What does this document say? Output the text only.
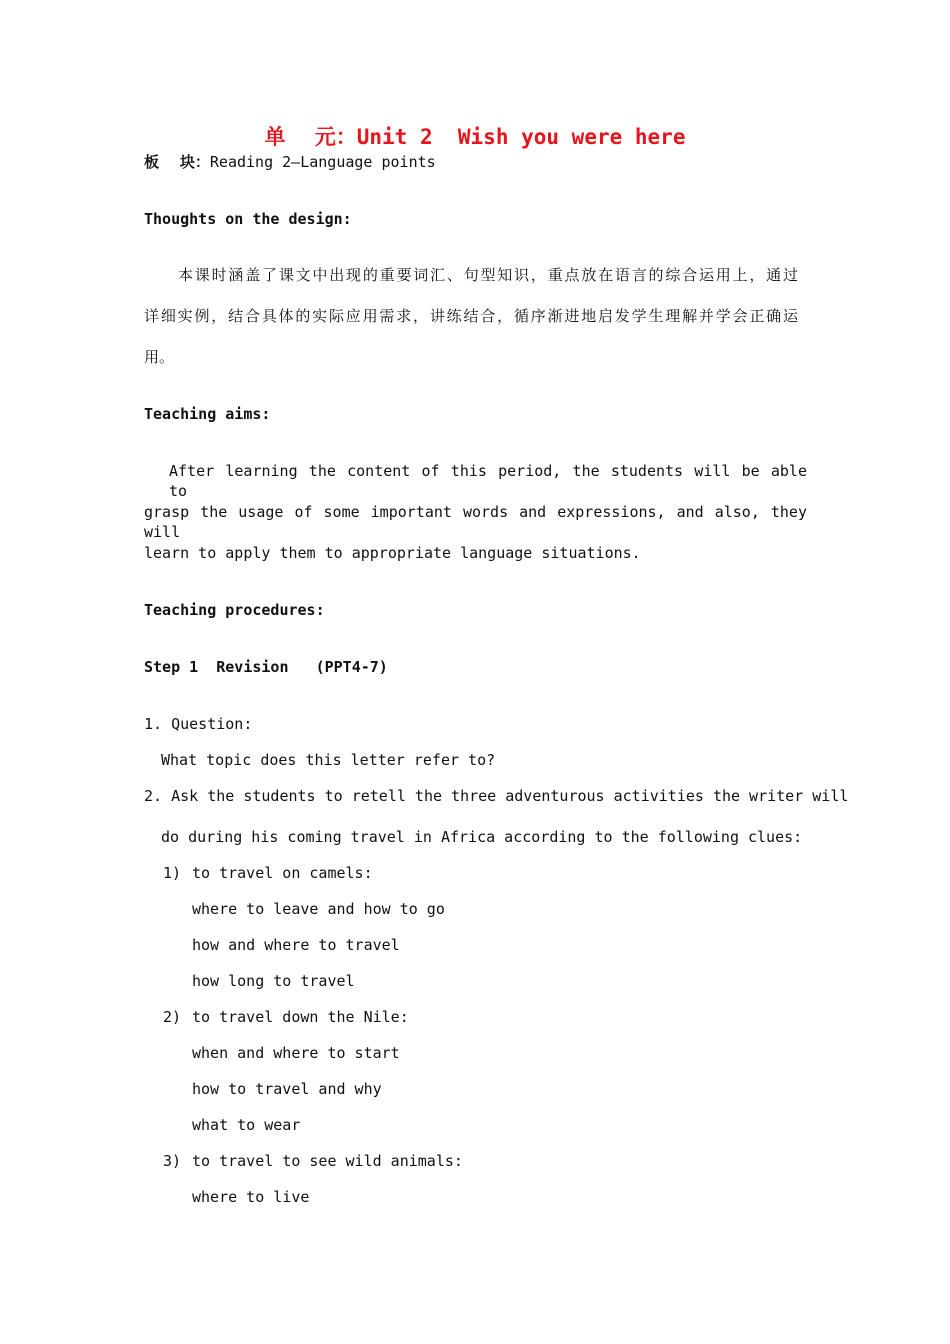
单    元：Unit 2  Wish you were here
板    块：Reading 2—Language points
Thoughts on the design:
本课时涵盖了课文中出现的重要词汇、句型知识，重点放在语言的综合运用上，通过
详细实例，结合具体的实际应用需求，讲练结合，循序渐进地启发学生理解并学会正确运
用。
Teaching aims:
After learning the content of this period, the students will be able to
grasp the usage of some important words and expressions, and also, they will
learn to apply them to appropriate language situations.
Teaching procedures:
Step 1  Revision   (PPT4-7)
1. Question:
What topic does this letter refer to?
2. Ask the students to retell the three adventurous activities the writer will
do during his coming travel in Africa according to the following clues:
1) to travel on camels:
where to leave and how to go
how and where to travel
how long to travel
2) to travel down the Nile:
when and where to start
how to travel and why
what to wear
3) to travel to see wild animals:
where to live
